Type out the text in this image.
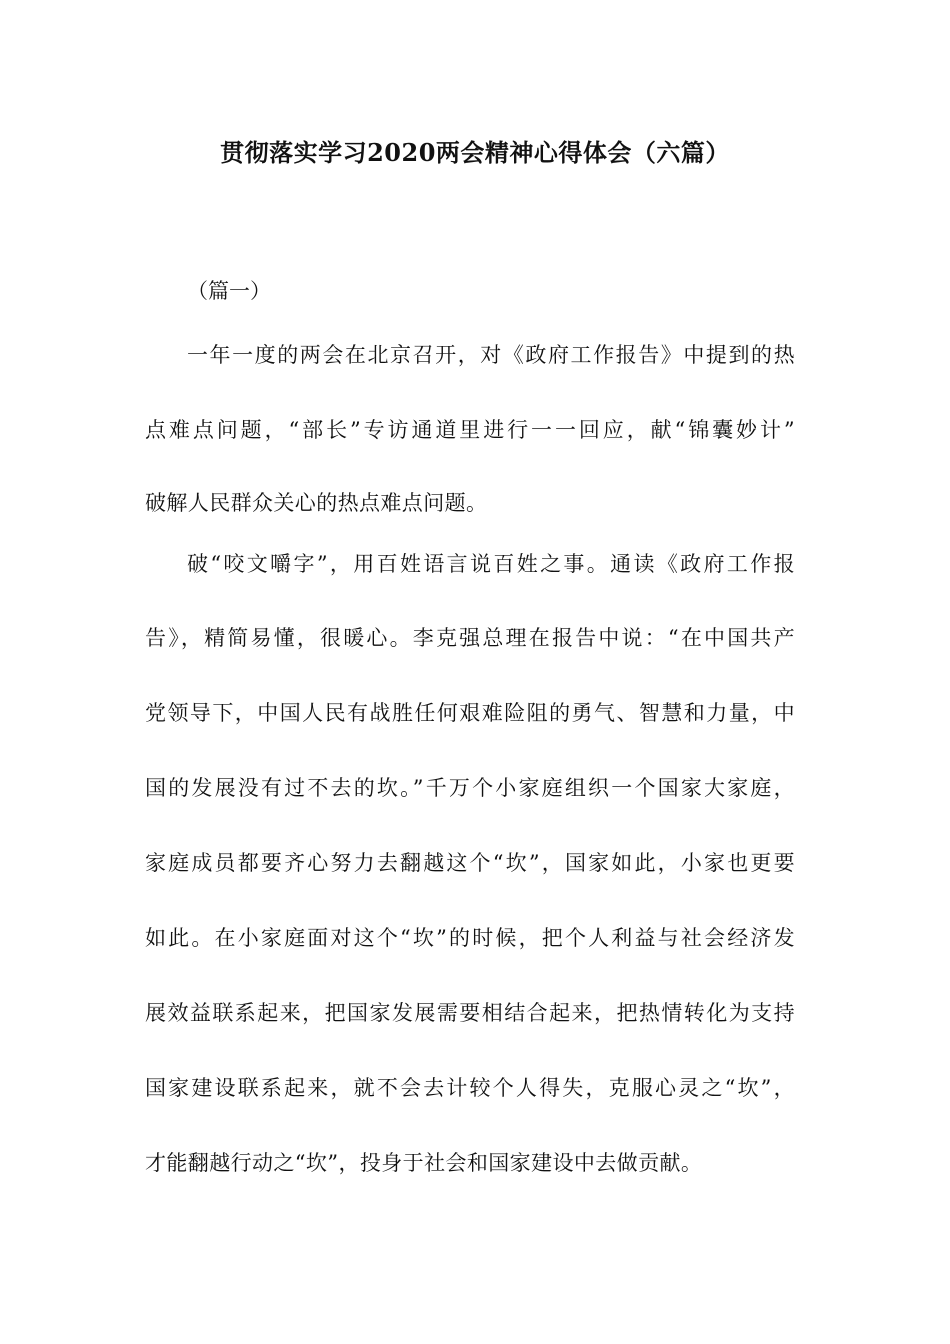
贯彻落实学习2020两会精神心得体会（六篇）
（篇一）
一年一度的两会在北京召开，对《政府工作报告》中提到的热
点难点问题，“部长”专访通道里进行一一回应，献“锦囊妙计”
破解人民群众关心的热点难点问题。
破“咬文嚼字”，用百姓语言说百姓之事。通读《政府工作报
告》，精简易懂，很暖心。李克强总理在报告中说：“在中国共产
党领导下，中国人民有战胜任何艰难险阻的勇气、智慧和力量，中
国的发展没有过不去的坎。”千万个小家庭组织一个国家大家庭，
家庭成员都要齐心努力去翻越这个“坎”，国家如此，小家也更要
如此。在小家庭面对这个“坎”的时候，把个人利益与社会经济发
展效益联系起来，把国家发展需要相结合起来，把热情转化为支持
国家建设联系起来，就不会去计较个人得失，克服心灵之“坎”，
才能翻越行动之“坎”，投身于社会和国家建设中去做贡献。
